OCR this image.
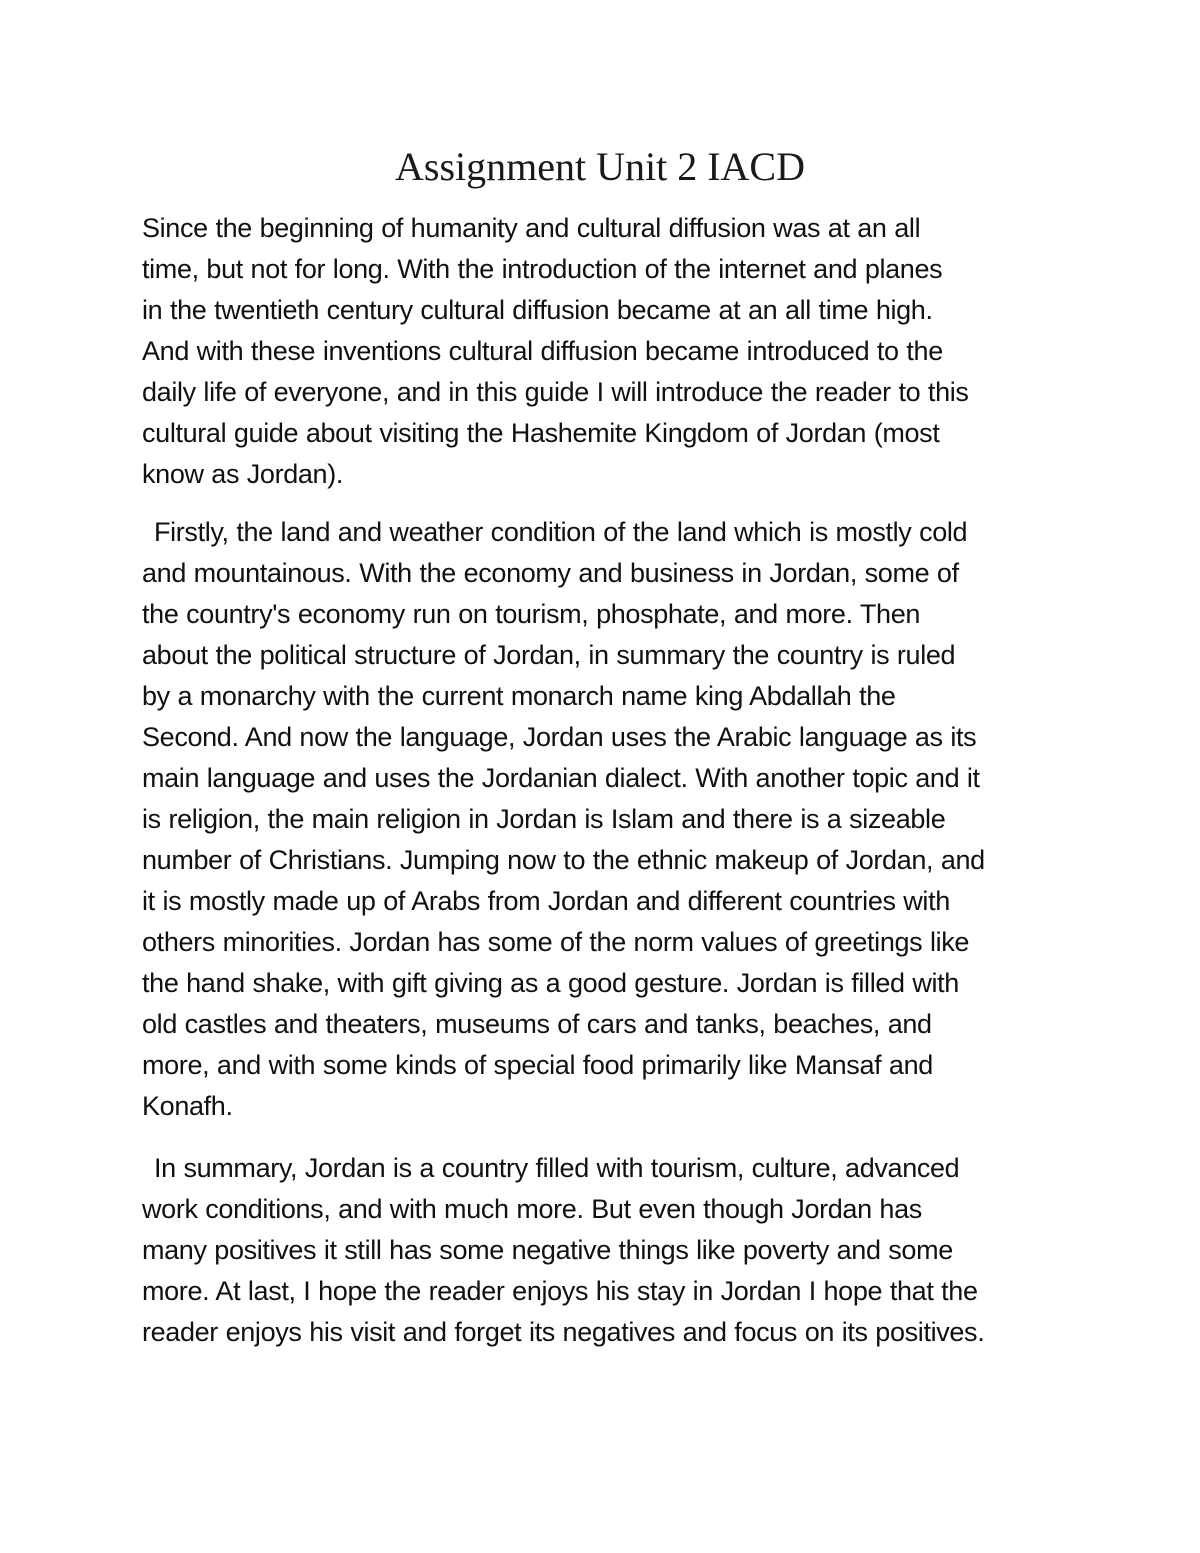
Assignment Unit 2 IACD

Since the beginning of humanity and cultural diffusion was at an all
time, but not for long. With the introduction of the internet and planes
in the twentieth century cultural diffusion became at an all time high.
And with these inventions cultural diffusion became introduced to the
daily life of everyone, and in this guide I will introduce the reader to this
cultural guide about visiting the Hashemite Kingdom of Jordan (most
know as Jordan).

Firstly, the land and weather condition of the land which is mostly cold
and mountainous. With the economy and business in Jordan, some of
the country's economy run on tourism, phosphate, and more. Then
about the political structure of Jordan, in summary the country is ruled
by a monarchy with the current monarch name king Abdallah the
Second. And now the language, Jordan uses the Arabic language as its
main language and uses the Jordanian dialect. With another topic and it
is religion, the main religion in Jordan is Islam and there is a sizeable
number of Christians. Jumping now to the ethnic makeup of Jordan, and
it is mostly made up of Arabs from Jordan and different countries with
others minorities. Jordan has some of the norm values of greetings like
the hand shake, with gift giving as a good gesture. Jordan is filled with
old castles and theaters, museums of cars and tanks, beaches, and
more, and with some kinds of special food primarily like Mansaf and
Konafh.

In summary, Jordan is a country filled with tourism, culture, advanced
work conditions, and with much more. But even though Jordan has
many positives it still has some negative things like poverty and some
more. At last, I hope the reader enjoys his stay in Jordan I hope that the
reader enjoys his visit and forget its negatives and focus on its positives.
